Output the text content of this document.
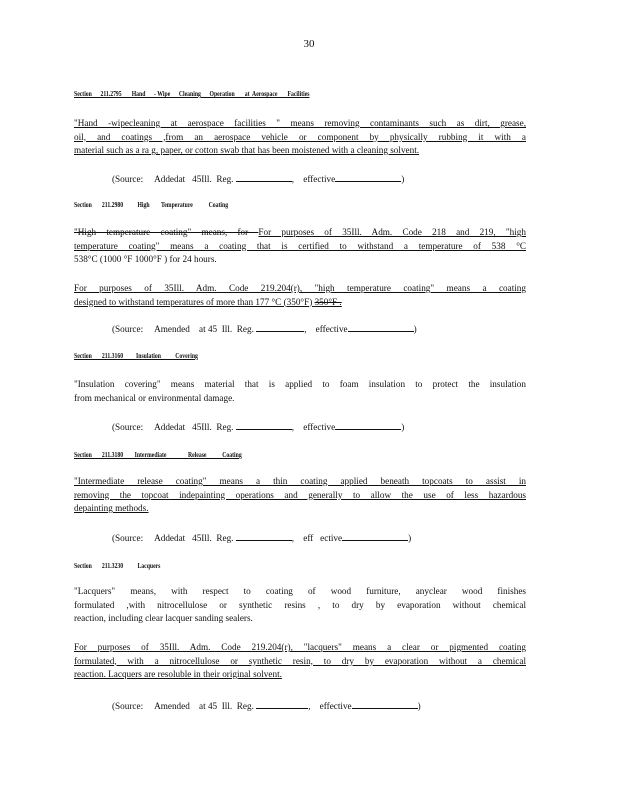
30
Section      211.2795       Hand      - Wipe      Cleaning      Operation       at  Aerospace       Facilities
"Hand -wipecleaning at aerospace facilities " means removing contaminants such as dirt, grease,
oil, and coatings ,from an aerospace vehicle or component by physically rubbing it with a
material such as a ra g, paper, or cotton swab that has been moistened with a cleaning solvent.
(Source: Addedat   45Ill.  Reg.	,    effective	)
Section       211.2980          High        Temperature           Coating
"High temperature coating" means, for For purposes of 35Ill. Adm. Code 218 and 219, "high
temperature coating" means a coating that is certified to withstand a temperature of 538 °C
538°C (1000 °F 1000°F ) for 24 hours.
For purposes of 35Ill. Adm. Code 219.204(r), "high temperature coating" means a coating
designed to withstand temperatures of more than 177 °C (350°F) 350°F .
(Source: Amended    at 45  Ill.  Reg.	,    effective	)
Section       211.3160         Insulation          Covering
"Insulation covering" means material that is applied to foam insulation to protect the insulation
from mechanical or environmental damage.
(Source: Addedat   45Ill.  Reg.	,    effective	)
Section       211.3180        Intermediate               Release           Coating
"Intermediate release coating" means a thin coating applied beneath topcoats to assist in
removing the topcoat indepainting operations and generally to allow the use of less hazardous
depainting methods.
(Source: Addedat   45Ill.  Reg.	,    eff   ective	)
Section       211.3230          Lacquers
"Lacquers" means, with respect to coating of wood furniture, anyclear wood finishes
formulated ,with nitrocellulose or synthetic resins , to dry by evaporation without chemical
reaction, including clear lacquer sanding sealers.
For purposes of 35Ill. Adm. Code 219.204(r), "lacquers" means a clear or pigmented coating
formulated, with a nitrocellulose or synthetic resin, to dry by evaporation without a chemical
reaction. Lacquers are resoluble in their original solvent.
(Source: Amended    at 45  Ill.  Reg.	,    effective	)
